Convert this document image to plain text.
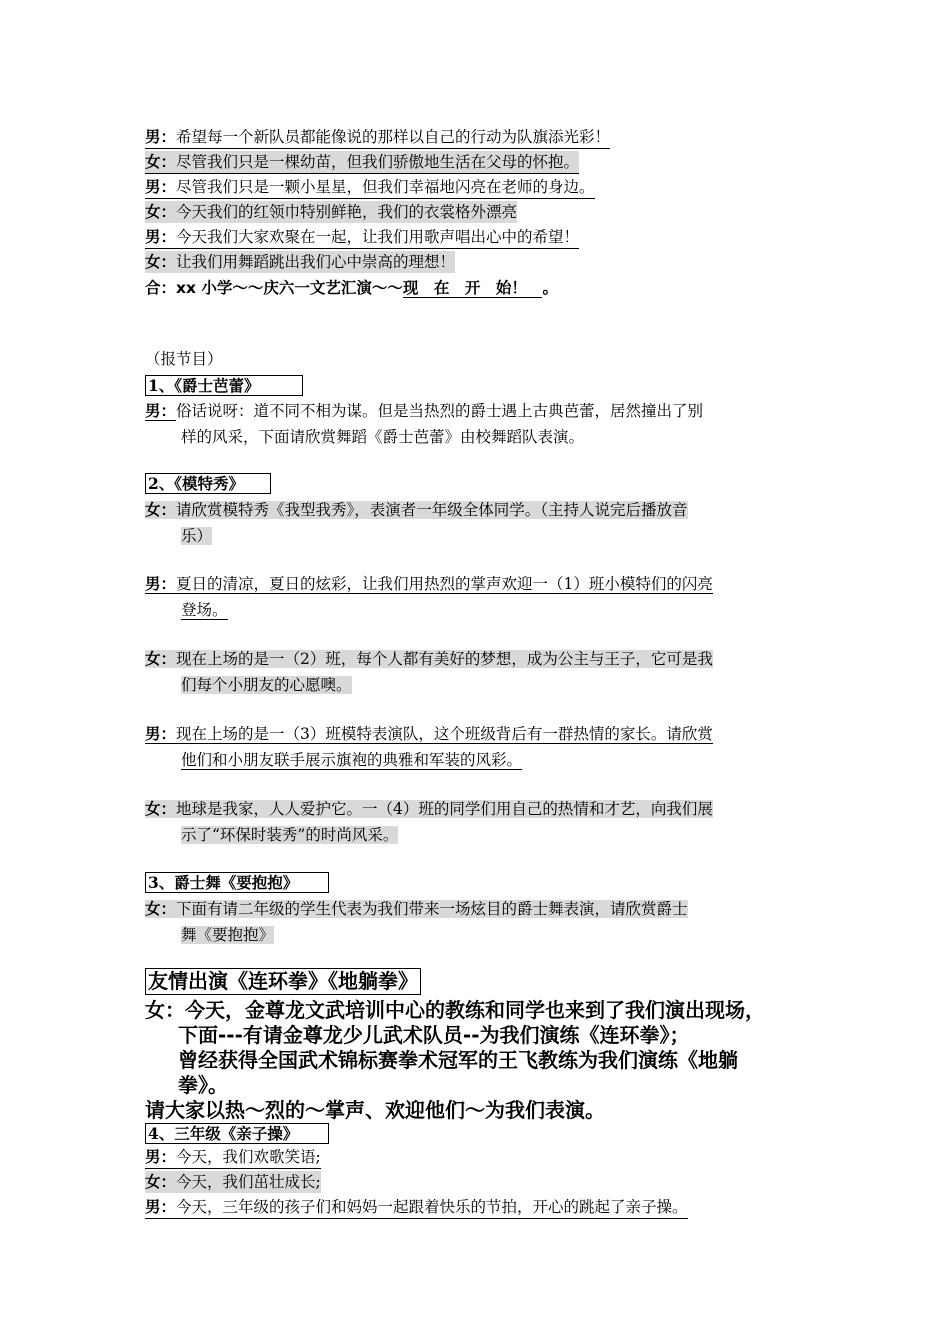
男：希望每一个新队员都能像说的那样以自己的行动为队旗添光彩！
女：尽管我们只是一棵幼苗，但我们骄傲地生活在父母的怀抱。
男：尽管我们只是一颗小星星，但我们幸福地闪亮在老师的身边。
女：今天我们的红领巾特别鲜艳，我们的衣裳格外漂亮
男：今天我们大家欢聚在一起，让我们用歌声唱出心中的希望！
女：让我们用舞蹈跳出我们心中崇高的理想！
合：xx 小学～～庆六一文艺汇演～～现　在　开　始！　。
（报节目）
1、《爵士芭蕾》
男：俗话说呀：道不同不相为谋。但是当热烈的爵士遇上古典芭蕾，居然撞出了别
样的风采，下面请欣赏舞蹈《爵士芭蕾》由校舞蹈队表演。
2、《模特秀》
女：请欣赏模特秀《我型我秀》，表演者一年级全体同学。（主持人说完后播放音
乐）
男：夏日的清凉，夏日的炫彩，让我们用热烈的掌声欢迎一（1）班小模特们的闪亮
登场。
女：现在上场的是一（2）班，每个人都有美好的梦想，成为公主与王子，它可是我
们每个小朋友的心愿噢。
男：现在上场的是一（3）班模特表演队，这个班级背后有一群热情的家长。请欣赏
他们和小朋友联手展示旗袍的典雅和军装的风彩。
女：地球是我家，人人爱护它。一（4）班的同学们用自己的热情和才艺，向我们展
示了“环保时装秀”的时尚风采。
3、爵士舞《要抱抱》
女：下面有请二年级的学生代表为我们带来一场炫目的爵士舞表演，请欣赏爵士
舞《要抱抱》
友情出演《连环拳》《地躺拳》
女：今天，金尊龙文武培训中心的教练和同学也来到了我们演出现场，
下面---有请金尊龙少儿武术队员--为我们演练《连环拳》；
曾经获得全国武术锦标赛拳术冠军的王飞教练为我们演练《地躺
拳》。
请大家以热～烈的～掌声、欢迎他们～为我们表演。
4、三年级《亲子操》
男：今天，我们欢歌笑语;
女：今天，我们茁壮成长;
男：今天，三年级的孩子们和妈妈一起跟着快乐的节拍，开心的跳起了亲子操。
